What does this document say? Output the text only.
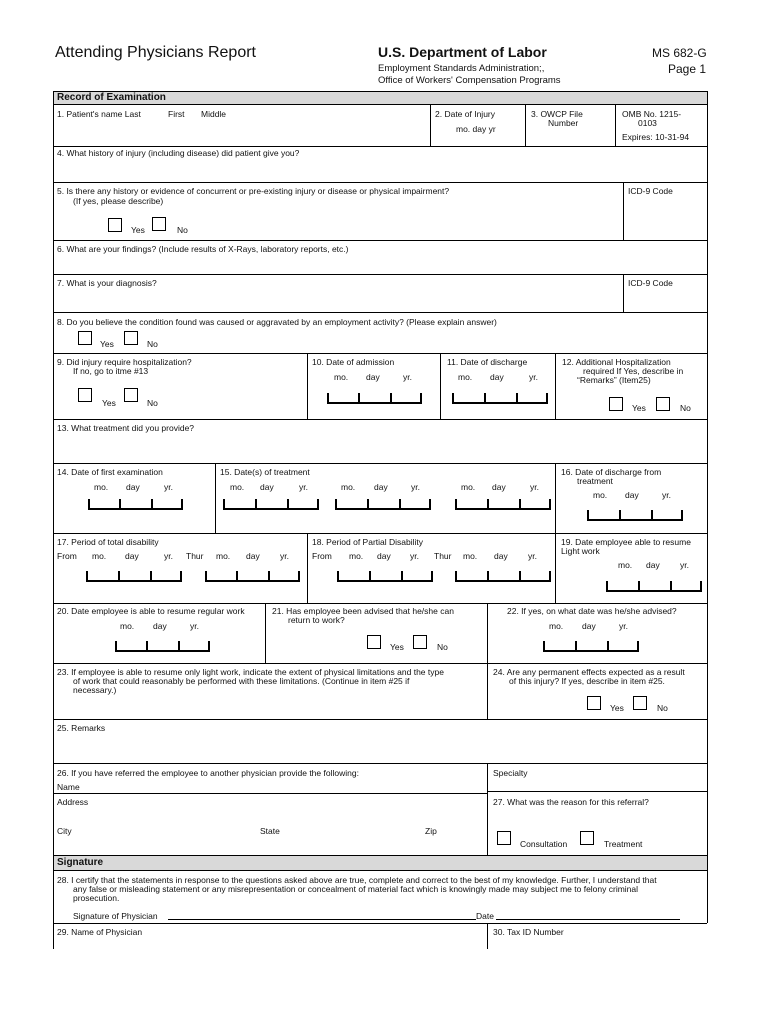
Attending Physicians Report	U.S. Department of Labor
Employment Standards Administration;,
Office of Workers' Compensation Programs
MS 682-G
Page 1
Record of Examination
1. Patient's name Last	First Middle	2. Date of Injury
mo. day yr
3. OWCP File
Number
OMB No. 1215-
0103
Expires: 10-31-94
4. What history of injury (including disease) did patient give you?
5. Is there any history or evidence of concurrent or pre-existing injury or disease or physical impairment?
(If yes, please describe)
ICD-9 Code
Yes	No
6. What are your findings? (Include results of X-Rays, laboratory reports, etc.)
7. What is your diagnosis?	ICD-9 Code
8. Do you believe the condition found was caused or aggravated by an employment activity? (Please explain answer)
Yes	No
9. Did injury require hospitalization?
If no, go to itme #13
Yes	No
10. Date of admission
mo. day	yr.
11. Date of discharge
mo. day	yr.
12. Additional Hospitalization
required If Yes, describe in
“Remarks” (Item25)
Yes	No
13. What treatment did you provide?
14. Date of first examination
mo. day	yr.
15. Date(s) of treatment
mo. day	yr.	mo. day	yr.	mo. day	yr.
16. Date of discharge from
treatment
mo. day	yr.
17. Period of total disability
From mo. day	yr. Thur mo. day yr.
18. Period of Partial Disability
From mo. day yr. Thur mo. day yr.
19. Date employee able to resume
Light work
mo. day yr.
20. Date employee is able to resume regular work
mo. day	yr.
21. Has employee been advised that he/she can
return to work?
Yes	No
22. If yes, on what date was he/she advised?
mo. day	yr.
23. If employee is able to resume only light work, indicate the extent of physical limitations and the type
of work that could reasonably be performed with these limitations. (Continue in item #25 if
necessary.)
24. Are any permanent effects expected as a result
of this injury? If yes, describe in item #25.
Yes	No
25. Remarks
26. If you have referred the employee to another physician provide the following:
Name
Address
City	State	Zip
Specialty
27. What was the reason for this referral?
Consultation	Treatment
Signature
28. I certify that the statements in response to the questions asked above are true, complete and correct to the best of my knowledge. Further, I understand that
any false or misleading statement or any misrepresentation or concealment of material fact which is knowingly made may subject me to felony criminal
prosecution.
Signature of Physician	Date
29. Name of Physician	30. Tax ID Number
